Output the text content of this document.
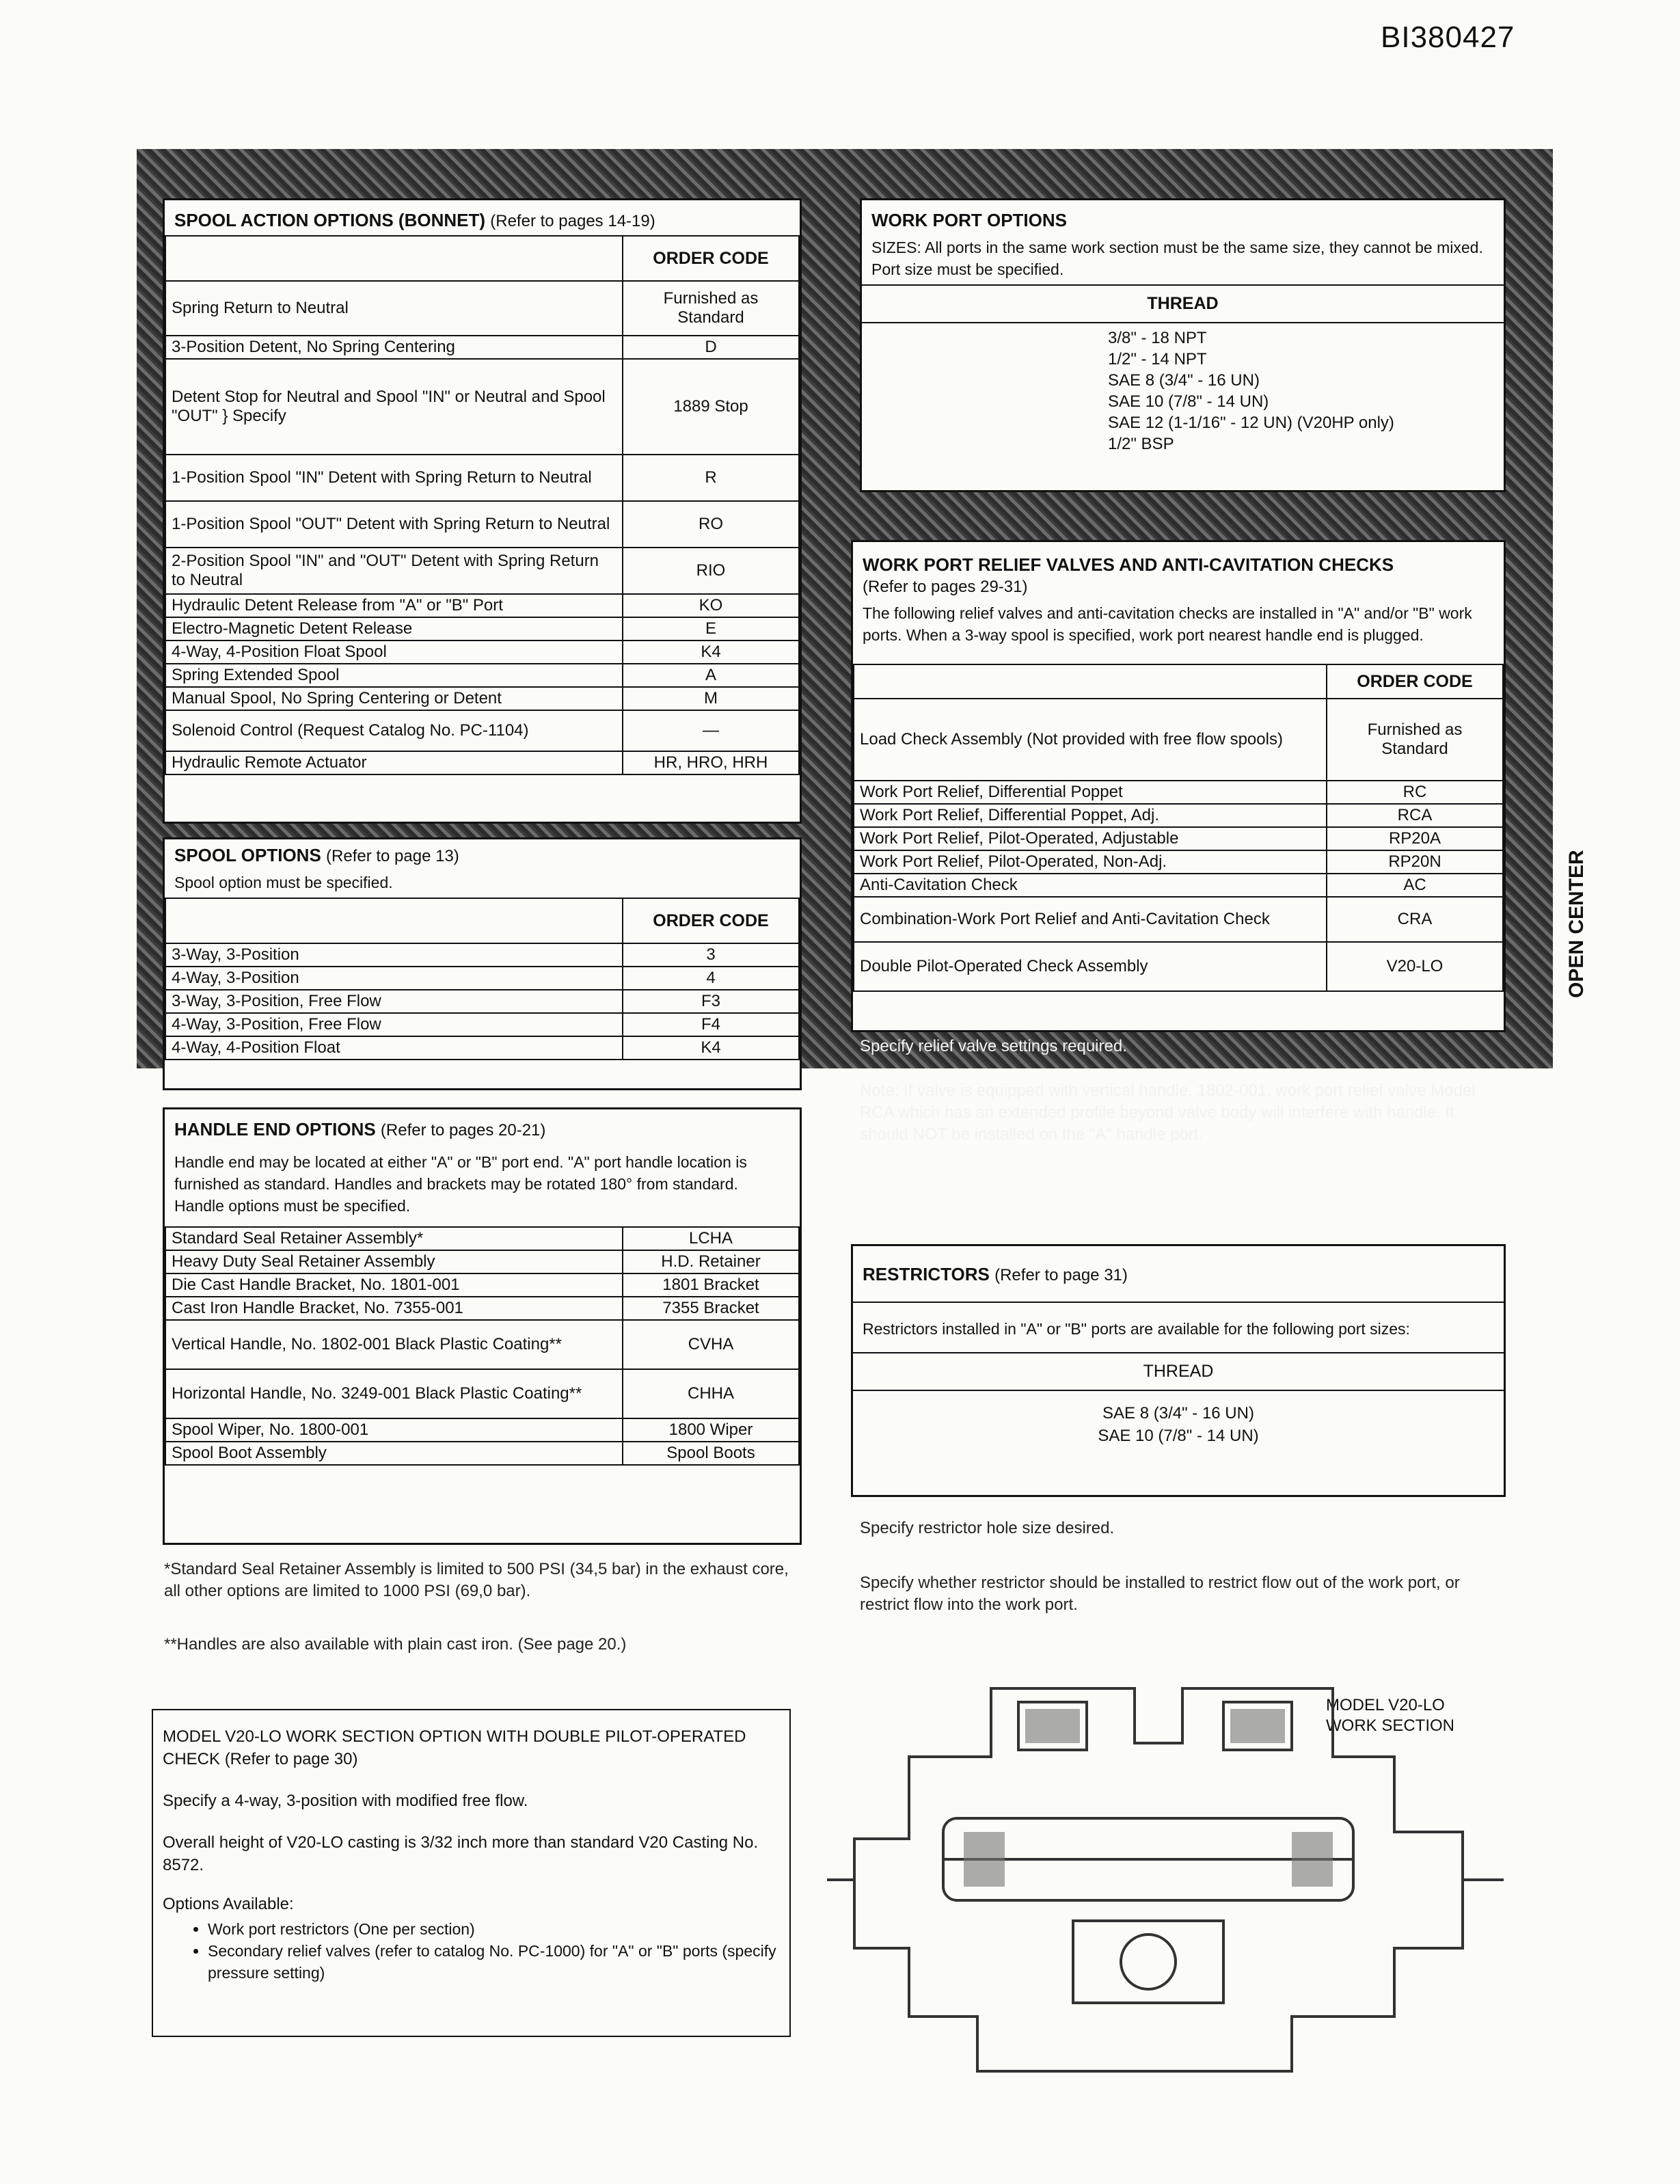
BI380427
OPEN CENTER
SPOOL ACTION OPTIONS (BONNET) (Refer to pages 14-19)
	ORDER CODE
Spring Return to Neutral	Furnished as Standard
3-Position Detent, No Spring Centering	D
Detent Stop for Neutral and Spool "IN" or Neutral and Spool "OUT" } Specify	1889 Stop
1-Position Spool "IN" Detent with Spring Return to Neutral	R
1-Position Spool "OUT" Detent with Spring Return to Neutral	RO
2-Position Spool "IN" and "OUT" Detent with Spring Return to Neutral	RIO
Hydraulic Detent Release from "A" or "B" Port	KO
Electro-Magnetic Detent Release	E
4-Way, 4-Position Float Spool	K4
Spring Extended Spool	A
Manual Spool, No Spring Centering or Detent	M
Solenoid Control (Request Catalog No. PC-1104)	—
Hydraulic Remote Actuator	HR, HRO, HRH
SPOOL OPTIONS (Refer to page 13)
Spool option must be specified.
	ORDER CODE
3-Way, 3-Position	3
4-Way, 3-Position	4
3-Way, 3-Position, Free Flow	F3
4-Way, 3-Position, Free Flow	F4
4-Way, 4-Position Float	K4
HANDLE END OPTIONS (Refer to pages 20-21)
Handle end may be located at either "A" or "B" port end. "A" port handle location is furnished as standard. Handles and brackets may be rotated 180° from standard. Handle options must be specified.
Standard Seal Retainer Assembly*	LCHA
Heavy Duty Seal Retainer Assembly	H.D. Retainer
Die Cast Handle Bracket, No. 1801-001	1801 Bracket
Cast Iron Handle Bracket, No. 7355-001	7355 Bracket
Vertical Handle, No. 1802-001 Black Plastic Coating**	CVHA
Horizontal Handle, No. 3249-001 Black Plastic Coating**	CHHA
Spool Wiper, No. 1800-001	1800 Wiper
Spool Boot Assembly	Spool Boots
*Standard Seal Retainer Assembly is limited to 500 PSI (34,5 bar) in the exhaust core, all other options are limited to 1000 PSI (69,0 bar).
**Handles are also available with plain cast iron. (See page 20.)
MODEL V20-LO WORK SECTION OPTION WITH DOUBLE PILOT-OPERATED CHECK (Refer to page 30)
Specify a 4-way, 3-position with modified free flow.
Overall height of V20-LO casting is 3/32 inch more than standard V20 Casting No. 8572.
Options Available:
• Work port restrictors (One per section)
• Secondary relief valves (refer to catalog No. PC-1000) for "A" or "B" ports (specify pressure setting)
WORK PORT OPTIONS
SIZES: All ports in the same work section must be the same size, they cannot be mixed. Port size must be specified.
THREAD
3/8" - 18 NPT
1/2" - 14 NPT
SAE 8 (3/4" - 16 UN)
SAE 10 (7/8" - 14 UN)
SAE 12 (1-1/16" - 12 UN) (V20HP only)
1/2" BSP
WORK PORT RELIEF VALVES AND ANTI-CAVITATION CHECKS
(Refer to pages 29-31)
The following relief valves and anti-cavitation checks are installed in "A" and/or "B" work ports. When a 3-way spool is specified, work port nearest handle end is plugged.
	ORDER CODE
Load Check Assembly (Not provided with free flow spools)	Furnished as Standard
Work Port Relief, Differential Poppet	RC
Work Port Relief, Differential Poppet, Adj.	RCA
Work Port Relief, Pilot-Operated, Adjustable	RP20A
Work Port Relief, Pilot-Operated, Non-Adj.	RP20N
Anti-Cavitation Check	AC
Combination-Work Port Relief and Anti-Cavitation Check	CRA
Double Pilot-Operated Check Assembly	V20-LO
Specify relief valve settings required.
Note: If valve is equipped with vertical handle, 1802-001, work port relief valve Model RCA which has an extended profile beyond valve body will interfere with handle. It should NOT be installed on the "A" handle port.
RESTRICTORS (Refer to page 31)
Restrictors installed in "A" or "B" ports are available for the following port sizes:
THREAD
SAE 8 (3/4" - 16 UN)
SAE 10 (7/8" - 14 UN)
Specify restrictor hole size desired.
Specify whether restrictor should be installed to restrict flow out of the work port, or restrict flow into the work port.
MODEL V20-LO WORK SECTION
